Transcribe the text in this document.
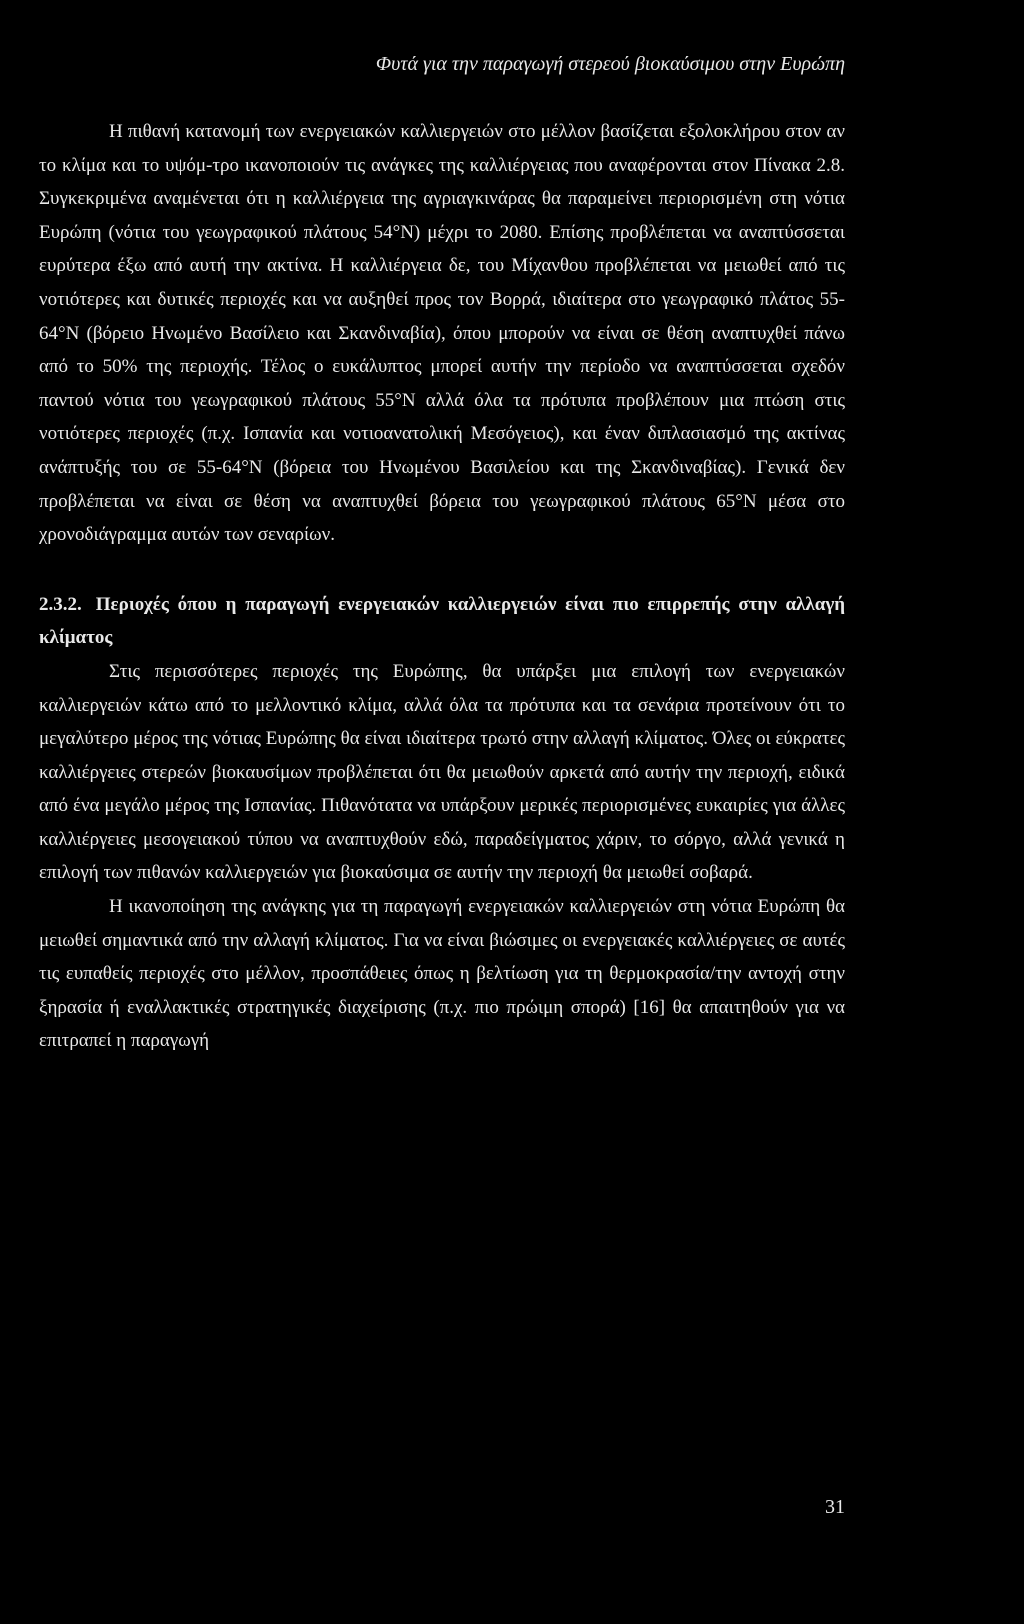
Φυτά για την παραγωγή στερεού βιοκαύσιμου στην Ευρώπη

Η πιθανή κατανομή των ενεργειακών καλλιεργειών στο μέλλον βασίζεται εξολοκλήρου στον αν το κλίμα και το υψόμ-τρο ικανοποιούν τις ανάγκες της καλλιέργειας που αναφέρονται στον Πίνακα 2.8. Συγκεκριμένα αναμένεται ότι η καλλιέργεια της αγριαγκινάρας θα παραμείνει περιορισμένη στη νότια Ευρώπη (νότια του γεωγραφικού πλάτους 54°Ν) μέχρι το 2080. Επίσης προβλέπεται να αναπτύσσεται ευρύτερα έξω από αυτή την ακτίνα. Η καλλιέργεια δε, του Μίχανθου προβλέπεται να μειωθεί από τις νοτιότερες και δυτικές περιοχές και να αυξηθεί προς τον Βορρά, ιδιαίτερα στο γεωγραφικό πλάτος 55-64°Ν (βόρειο Ηνωμένο Βασίλειο και Σκανδιναβία), όπου μπορούν να είναι σε θέση αναπτυχθεί πάνω από το 50% της περιοχής. Τέλος ο ευκάλυπτος μπορεί αυτήν την περίοδο να αναπτύσσεται σχεδόν παντού νότια του γεωγραφικού πλάτους 55°Ν αλλά όλα τα πρότυπα προβλέπουν μια πτώση στις νοτιότερες περιοχές (π.χ. Ισπανία και νοτιοανατολική Μεσόγειος), και έναν διπλασιασμό της ακτίνας ανάπτυξής του σε 55-64°Ν (βόρεια του Ηνωμένου Βασιλείου και της Σκανδιναβίας). Γενικά δεν προβλέπεται να είναι σε θέση να αναπτυχθεί βόρεια του γεωγραφικού πλάτους 65°Ν μέσα στο χρονοδιάγραμμα αυτών των σεναρίων.

2.3.2. Περιοχές όπου η παραγωγή ενεργειακών καλλιεργειών είναι πιο επιρρεπής στην αλλαγή κλίματος

Στις περισσότερες περιοχές της Ευρώπης, θα υπάρξει μια επιλογή των ενεργειακών καλλιεργειών κάτω από το μελλοντικό κλίμα, αλλά όλα τα πρότυπα και τα σενάρια προτείνουν ότι το μεγαλύτερο μέρος της νότιας Ευρώπης θα είναι ιδιαίτερα τρωτό στην αλλαγή κλίματος. Όλες οι εύκρατες καλλιέργειες στερεών βιοκαυσίμων προβλέπεται ότι θα μειωθούν αρκετά από αυτήν την περιοχή, ειδικά από ένα μεγάλο μέρος της Ισπανίας. Πιθανότατα να υπάρξουν μερικές περιορισμένες ευκαιρίες για άλλες καλλιέργειες μεσογειακού τύπου να αναπτυχθούν εδώ, παραδείγματος χάριν, το σόργο, αλλά γενικά η επιλογή των πιθανών καλλιεργειών για βιοκαύσιμα σε αυτήν την περιοχή θα μειωθεί σοβαρά.

Η ικανοποίηση της ανάγκης για τη παραγωγή ενεργειακών καλλιεργειών στη νότια Ευρώπη θα μειωθεί σημαντικά από την αλλαγή κλίματος. Για να είναι βιώσιμες οι ενεργειακές καλλιέργειες σε αυτές τις ευπαθείς περιοχές στο μέλλον, προσπάθειες όπως η βελτίωση για τη θερμοκρασία/την αντοχή στην ξηρασία ή εναλλακτικές στρατηγικές διαχείρισης (π.χ. πιο πρώιμη σπορά) [16] θα απαιτηθούν για να επιτραπεί η παραγωγή

31
